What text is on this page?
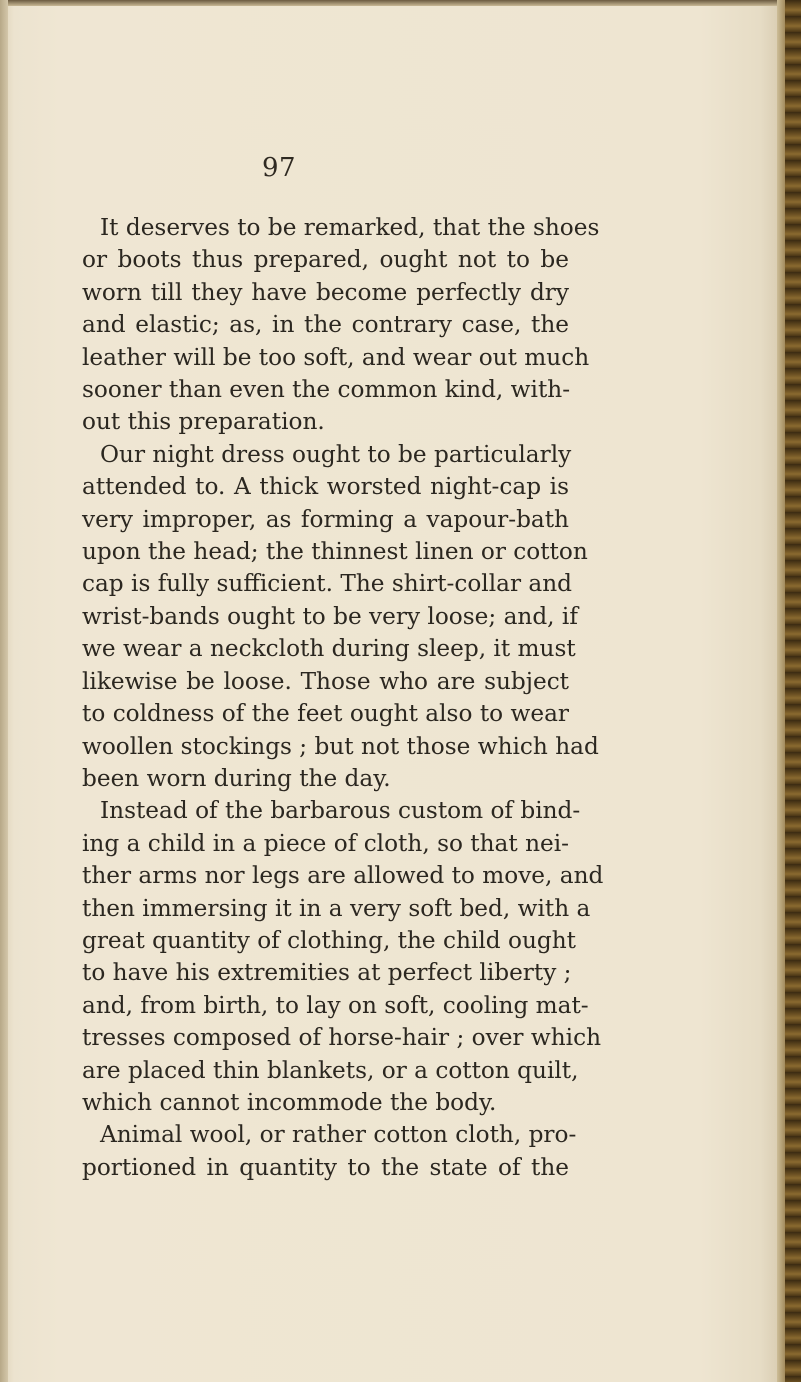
97
It deserves to be remarked, that the shoes
or boots thus prepared, ought not to be
worn till they have become perfectly dry
and elastic; as, in the contrary case, the
leather will be too soft, and wear out much
sooner than even the common kind, with-
out this preparation.
Our night dress ought to be particularly
attended to. A thick worsted night-cap is
very improper, as forming a vapour-bath
upon the head; the thinnest linen or cotton
cap is fully sufficient. The shirt-collar and
wrist-bands ought to be very loose; and, if
we wear a neckcloth during sleep, it must
likewise be loose. Those who are subject
to coldness of the feet ought also to wear
woollen stockings ; but not those which had
been worn during the day.
Instead of the barbarous custom of bind-
ing a child in a piece of cloth, so that nei-
ther arms nor legs are allowed to move, and
then immersing it in a very soft bed, with a
great quantity of clothing, the child ought
to have his extremities at perfect liberty ;
and, from birth, to lay on soft, cooling mat-
tresses composed of horse-hair ; over which
are placed thin blankets, or a cotton quilt,
which cannot incommode the body.
Animal wool, or rather cotton cloth, pro-
portioned in quantity to the state of the
